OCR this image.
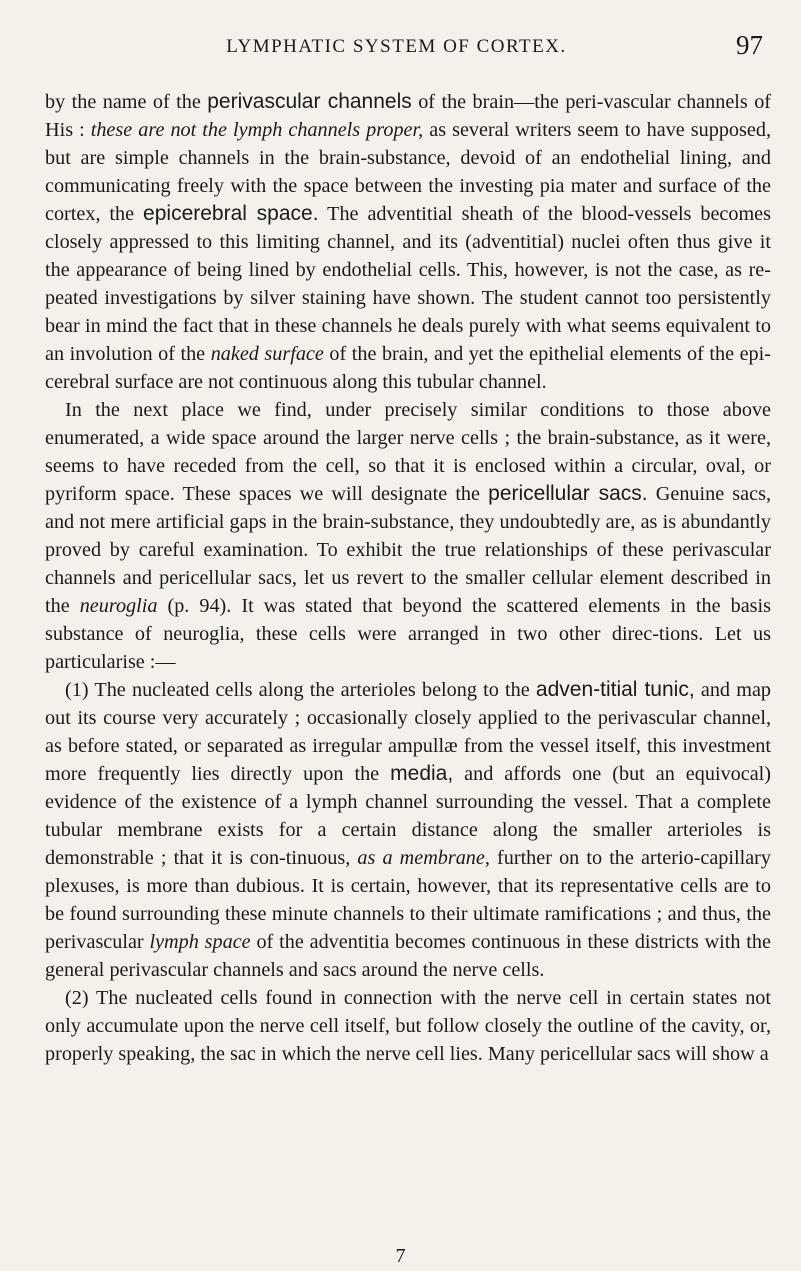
LYMPHATIC SYSTEM OF CORTEX.	97

by the name of the perivascular channels of the brain—the peri-vascular channels of His : these are not the lymph channels proper, as several writers seem to have supposed, but are simple channels in the brain-substance, devoid of an endothelial lining, and communicating freely with the space between the investing pia mater and surface of the cortex, the epicerebral space. The adventitial sheath of the blood-vessels becomes closely appressed to this limiting channel, and its (adventitial) nuclei often thus give it the appearance of being lined by endothelial cells. This, however, is not the case, as re-peated investigations by silver staining have shown. The student cannot too persistently bear in mind the fact that in these channels he deals purely with what seems equivalent to an involution of the naked surface of the brain, and yet the epithelial elements of the epi-cerebral surface are not continuous along this tubular channel.

In the next place we find, under precisely similar conditions to those above enumerated, a wide space around the larger nerve cells ; the brain-substance, as it were, seems to have receded from the cell, so that it is enclosed within a circular, oval, or pyriform space. These spaces we will designate the pericellular sacs. Genuine sacs, and not mere artificial gaps in the brain-substance, they undoubtedly are, as is abundantly proved by careful examination. To exhibit the true relationships of these perivascular channels and pericellular sacs, let us revert to the smaller cellular element described in the neuroglia (p. 94). It was stated that beyond the scattered elements in the basis substance of neuroglia, these cells were arranged in two other direc-tions. Let us particularise :—

(1) The nucleated cells along the arterioles belong to the adven-titial tunic, and map out its course very accurately ; occasionally closely applied to the perivascular channel, as before stated, or separated as irregular ampullæ from the vessel itself, this investment more frequently lies directly upon the media, and affords one (but an equivocal) evidence of the existence of a lymph channel surrounding the vessel. That a complete tubular membrane exists for a certain distance along the smaller arterioles is demonstrable ; that it is con-tinuous, as a membrane, further on to the arterio-capillary plexuses, is more than dubious. It is certain, however, that its representative cells are to be found surrounding these minute channels to their ultimate ramifications ; and thus, the perivascular lymph space of the adventitia becomes continuous in these districts with the general perivascular channels and sacs around the nerve cells.

(2) The nucleated cells found in connection with the nerve cell in certain states not only accumulate upon the nerve cell itself, but follow closely the outline of the cavity, or, properly speaking, the sac in which the nerve cell lies. Many pericellular sacs will show a

7
